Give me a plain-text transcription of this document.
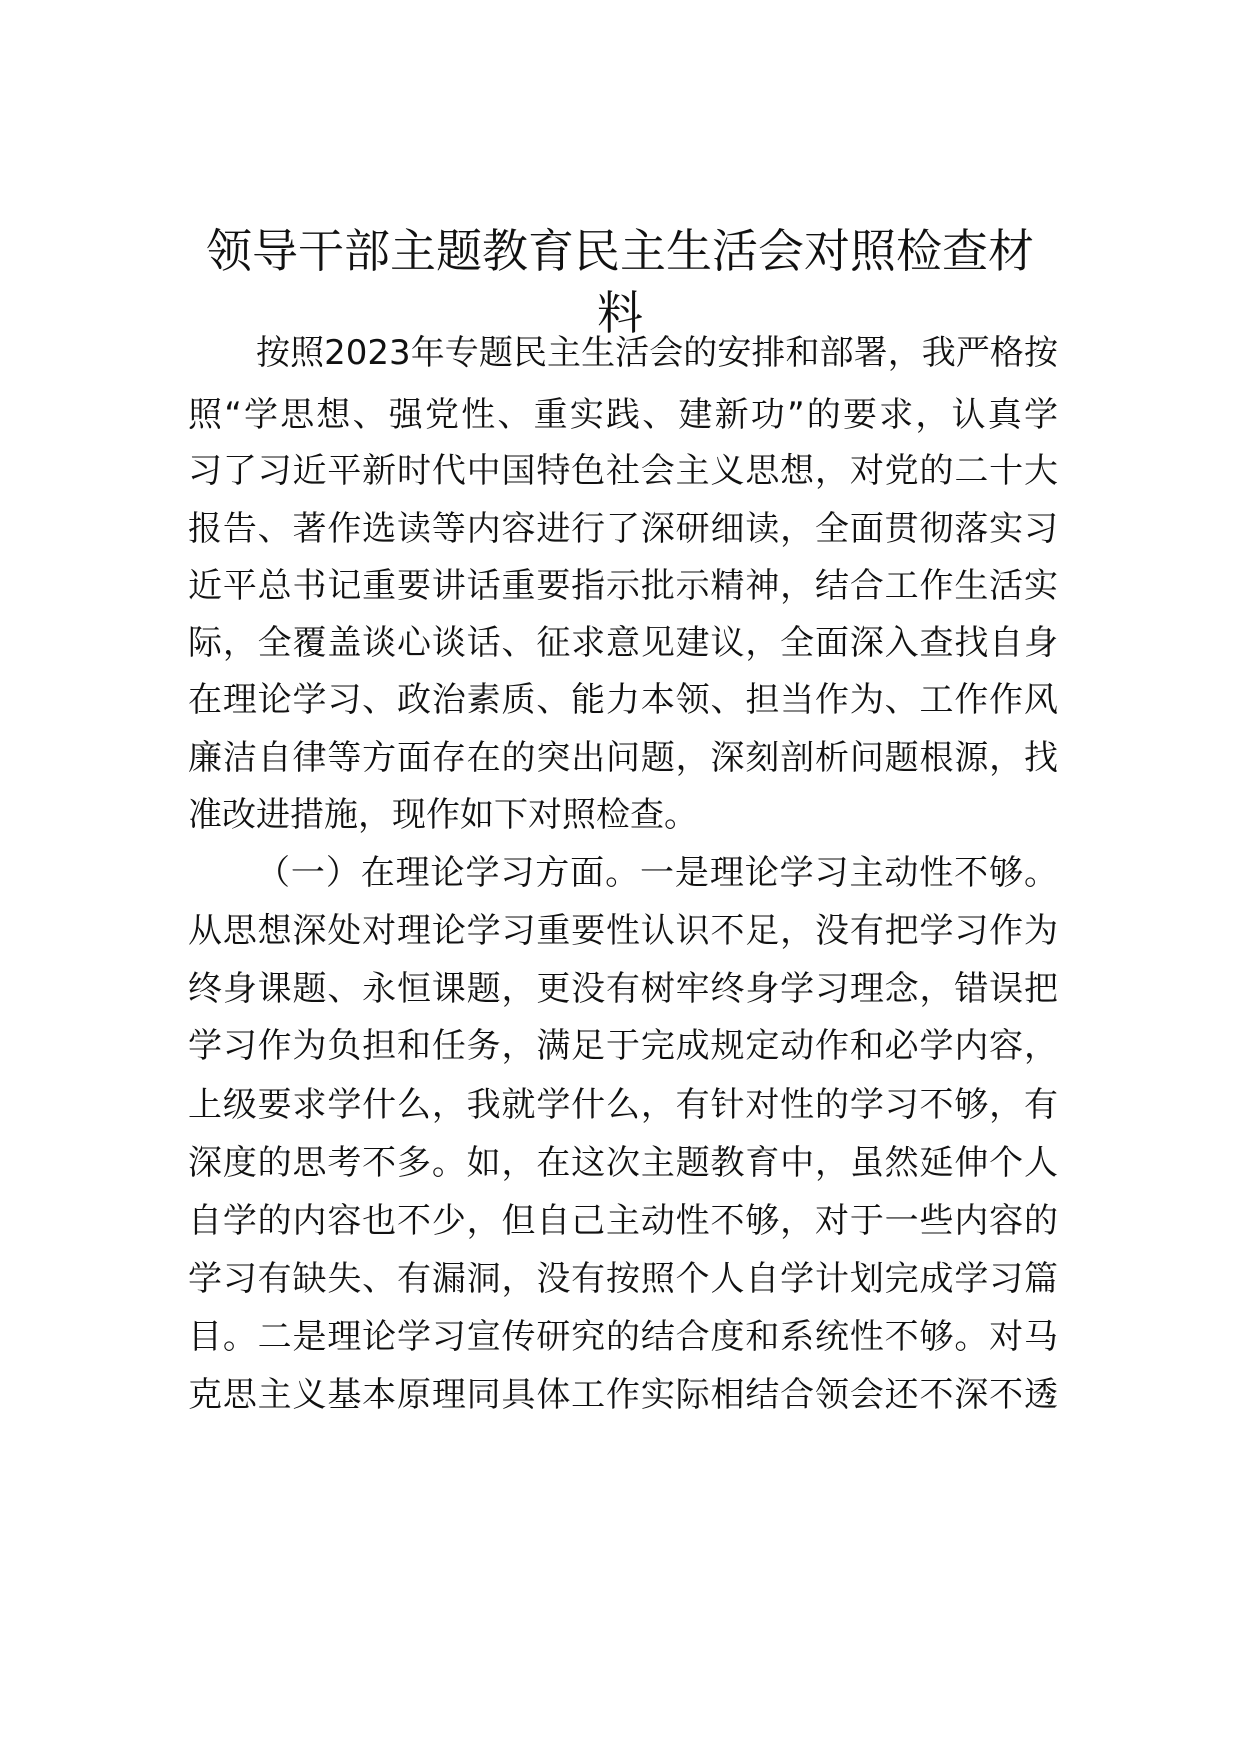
领导干部主题教育民主生活会对照检查材料
按照2023年专题民主生活会的安排和部署，我严格按
照“学思想、强党性、重实践、建新功”的要求，认真学
习了习近平新时代中国特色社会主义思想，对党的二十大
报告、著作选读等内容进行了深研细读，全面贯彻落实习
近平总书记重要讲话重要指示批示精神，结合工作生活实
际，全覆盖谈心谈话、征求意见建议，全面深入查找自身
在理论学习、政治素质、能力本领、担当作为、工作作风
廉洁自律等方面存在的突出问题，深刻剖析问题根源，找
准改进措施，现作如下对照检查。
（一）在理论学习方面。一是理论学习主动性不够。
从思想深处对理论学习重要性认识不足，没有把学习作为
终身课题、永恒课题，更没有树牢终身学习理念，错误把
学习作为负担和任务，满足于完成规定动作和必学内容，
上级要求学什么，我就学什么，有针对性的学习不够，有
深度的思考不多。如，在这次主题教育中，虽然延伸个人
自学的内容也不少，但自己主动性不够，对于一些内容的
学习有缺失、有漏洞，没有按照个人自学计划完成学习篇
目。二是理论学习宣传研究的结合度和系统性不够。对马
克思主义基本原理同具体工作实际相结合领会还不深不透
